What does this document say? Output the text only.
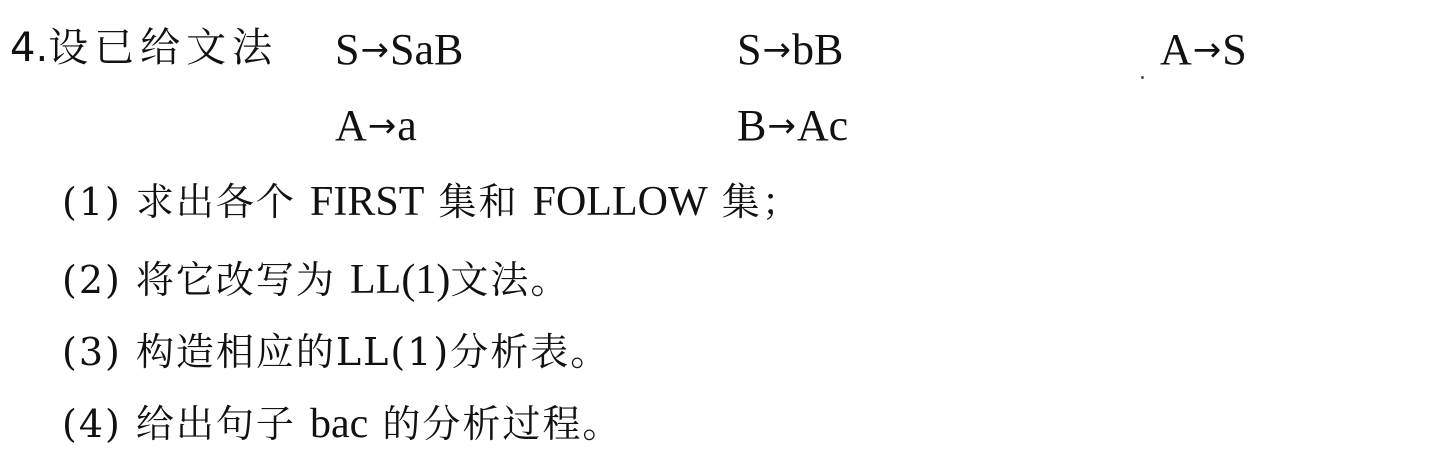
4.设已给文法 S→SaB	S→bB	A→S
A→a	B→Ac
(1) 求出各个 FIRST 集和 FOLLOW 集；
(2) 将它改写为 LL(1)文法。
(3) 构造相应的LL(1)分析表。
(4) 给出句子 bac 的分析过程。
